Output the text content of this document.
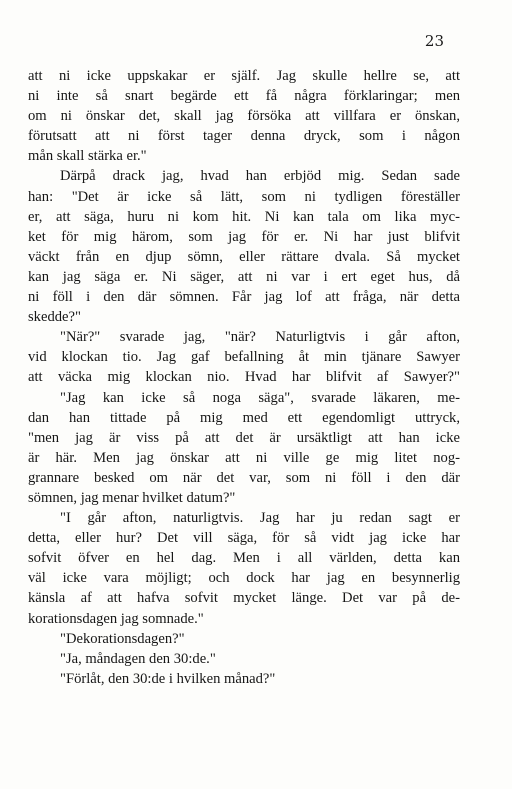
23
att ni icke uppskakar er själf. Jag skulle hellre se, att
ni inte så snart begärde ett få några förklaringar; men
om ni önskar det, skall jag försöka att villfara er önskan,
förutsatt att ni först tager denna dryck, som i någon
mån skall stärka er."
Därpå drack jag, hvad han erbjöd mig. Sedan sade
han: "Det är icke så lätt, som ni tydligen föreställer
er, att säga, huru ni kom hit. Ni kan tala om lika myc-
ket för mig härom, som jag för er. Ni har just blifvit
väckt från en djup sömn, eller rättare dvala. Så mycket
kan jag säga er. Ni säger, att ni var i ert eget hus, då
ni föll i den där sömnen. Får jag lof att fråga, när detta
skedde?"
"När?" svarade jag, "när? Naturligtvis i går afton,
vid klockan tio. Jag gaf befallning åt min tjänare Sawyer
att väcka mig klockan nio. Hvad har blifvit af Sawyer?"
"Jag kan icke så noga säga", svarade läkaren, me-
dan han tittade på mig med ett egendomligt uttryck,
"men jag är viss på att det är ursäktligt att han icke
är här. Men jag önskar att ni ville ge mig litet nog-
grannare besked om när det var, som ni föll i den där
sömnen, jag menar hvilket datum?"
"I går afton, naturligtvis. Jag har ju redan sagt er
detta, eller hur? Det vill säga, för så vidt jag icke har
sofvit öfver en hel dag. Men i all världen, detta kan
väl icke vara möjligt; och dock har jag en besynnerlig
känsla af att hafva sofvit mycket länge. Det var på de-
korationsdagen jag somnade."
"Dekorationsdagen?"
"Ja, måndagen den 30:de."
"Förlåt, den 30:de i hvilken månad?"
